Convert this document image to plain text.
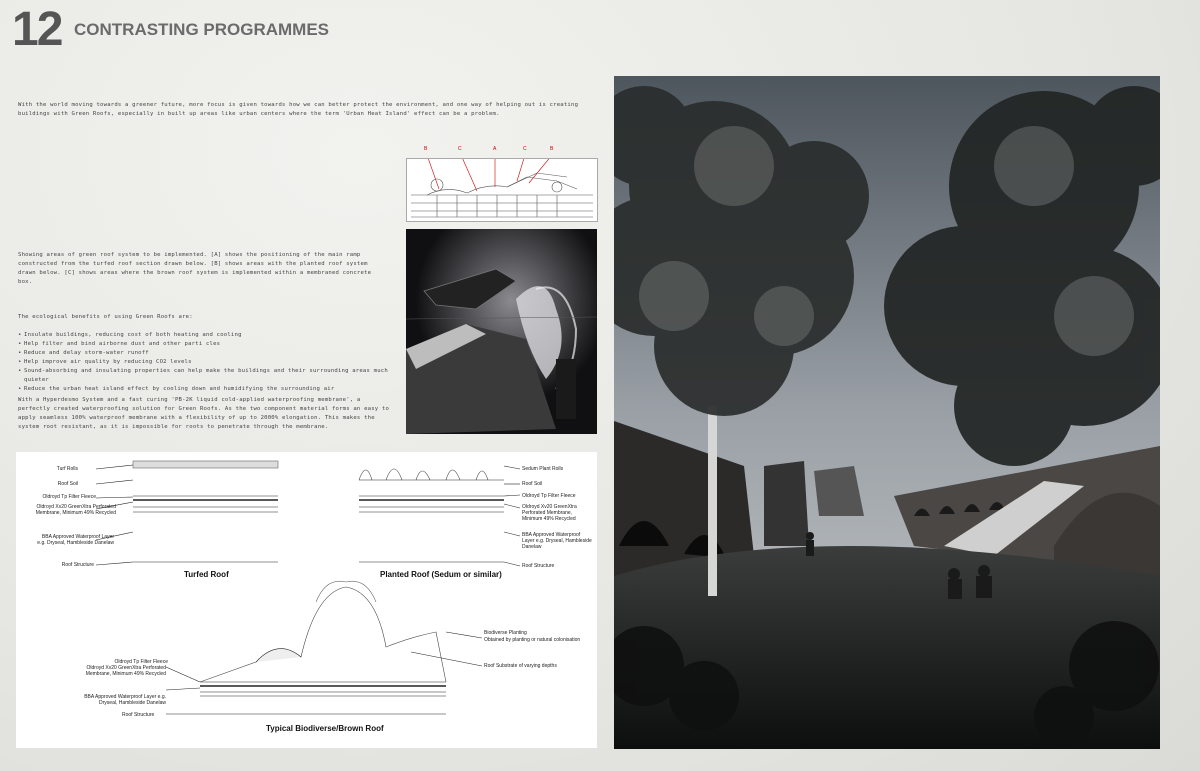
12 CONTRASTING PROGRAMMES
With the world moving towards a greener future, more focus is given towards how we can better protect the environment, and one way of helping out is creating buildings with Green Roofs, especially in built up areas like urban centers where the term 'Urban Heat Island' effect can be a problem.
B	C	A	C	B
Showing areas of green roof system to be implemented. [A] shows the positioning of the main ramp constructed from the turfed roof section drawn below. [B] shows areas with the planted roof system drawn below. [C] shows areas where the brown roof system is implemented within a membraned concrete box.
The ecological benefits of using Green Roofs are:
• Insulate buildings, reducing cost of both heating and cooling
• Help filter and bind airborne dust and other parti cles
• Reduce and delay storm-water runoff
• Help improve air quality by reducing CO2 levels
• Sound-absorbing and insulating properties can help make the buildings and their surrounding areas much quieter
• Reduce the urban heat island effect by cooling down and humidifying the surrounding air
With a Hyperdesmo System and a fast curing 'PB-2K liquid cold-applied waterproofing membrane', a perfectly created waterproofing solution for Green Roofs. As the two component material forms an easy to apply seamless 100% waterproof membrane with a flexibility of up to 2000% elongation. This makes the system root resistant, as it is impossible for roots to penetrate through the membrane.
Turf Rolls
Roof Soil
Oldroyd Tp Filter Fleece
Oldroyd Xv20 GreenXtra Perforated Membrane, Minimum 49% Recycled
BBA Approved Waterproof Layer e.g. Dryseal, Hambleside Danelaw
Roof Structure
Turfed Roof
Sedum Plant Rolls
Roof Soil
Oldroyd Tp Filter Fleece
Oldroyd Xv20 GreenXtra Perforated Membrane, Minimum 49% Recycled
BBA Approved Waterproof Layer e.g. Dryseal, Hambleside Danelaw
Roof Structure
Planted Roof (Sedum or similar)
Biodiverse Planting
Obtained by planting or natural colonisation
Roof Substrate of varying depths
Oldroyd Tp Filter Fleece
Oldroyd Xv20 GreenXtra Perforated Membrane, Minimum 49% Recycled
BBA Approved Waterproof Layer e.g. Dryseal, Hambleside Danelaw
Roof Structure
Typical Biodiverse/Brown Roof
